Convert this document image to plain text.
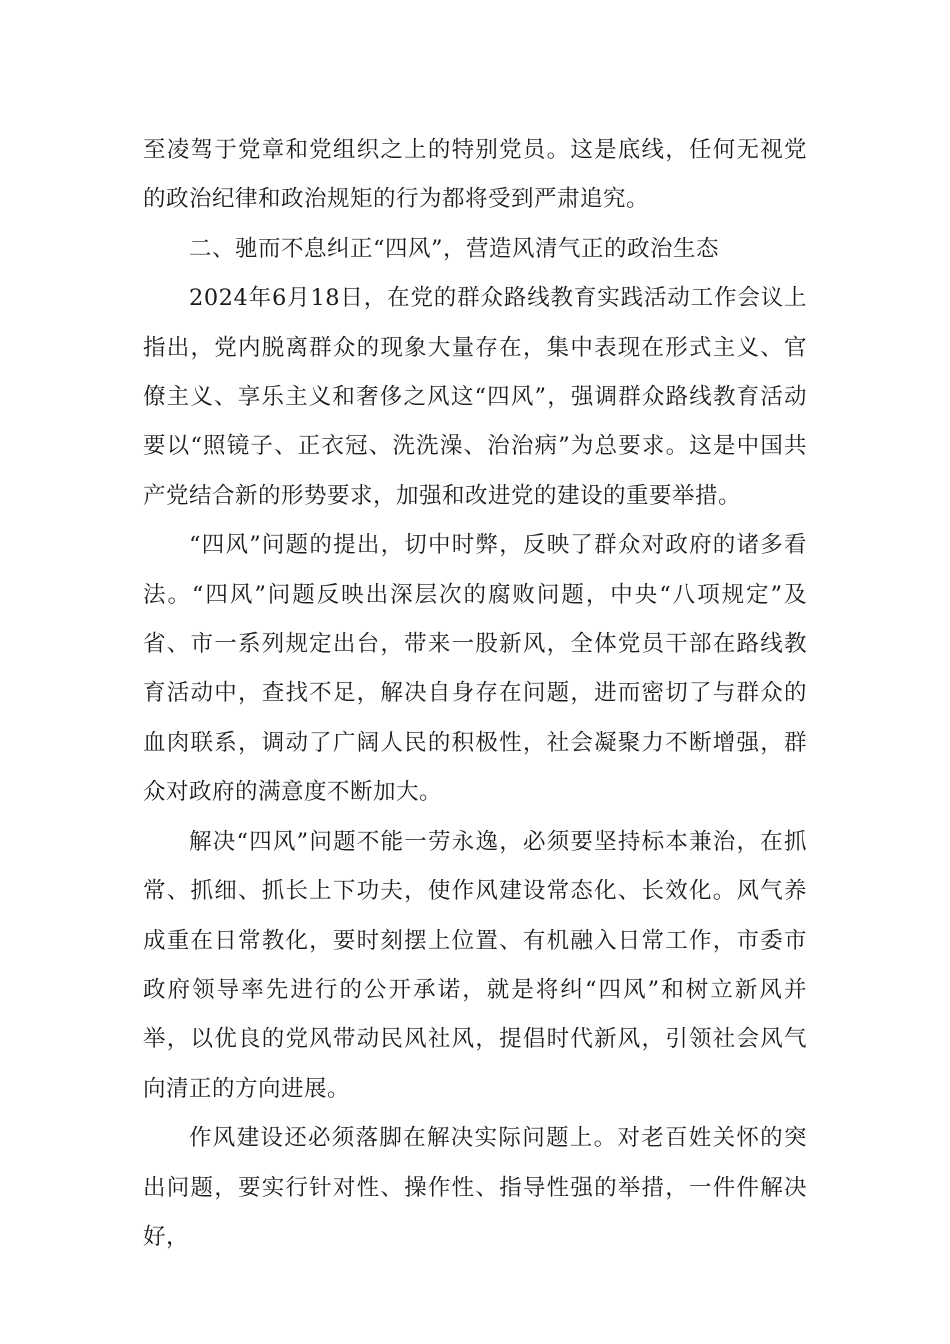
至凌驾于党章和党组织之上的特别党员。这是底线，任何无视党的政治纪律和政治规矩的行为都将受到严肃追究。

二、驰而不息纠正“四风”，营造风清气正的政治生态

2024年6月18日，在党的群众路线教育实践活动工作会议上指出，党内脱离群众的现象大量存在，集中表现在形式主义、官僚主义、享乐主义和奢侈之风这“四风”，强调群众路线教育活动要以“照镜子、正衣冠、洗洗澡、治治病”为总要求。这是中国共产党结合新的形势要求，加强和改进党的建设的重要举措。

“四风”问题的提出，切中时弊，反映了群众对政府的诸多看法。“四风”问题反映出深层次的腐败问题，中央“八项规定”及省、市一系列规定出台，带来一股新风，全体党员干部在路线教育活动中，查找不足，解决自身存在问题，进而密切了与群众的血肉联系，调动了广阔人民的积极性，社会凝聚力不断增强，群众对政府的满意度不断加大。

解决“四风”问题不能一劳永逸，必须要坚持标本兼治，在抓常、抓细、抓长上下功夫，使作风建设常态化、长效化。风气养成重在日常教化，要时刻摆上位置、有机融入日常工作，市委市政府领导率先进行的公开承诺，就是将纠“四风”和树立新风并举，以优良的党风带动民风社风，提倡时代新风，引领社会风气向清正的方向进展。

作风建设还必须落脚在解决实际问题上。对老百姓关怀的突出问题，要实行针对性、操作性、指导性强的举措，一件件解决好，
